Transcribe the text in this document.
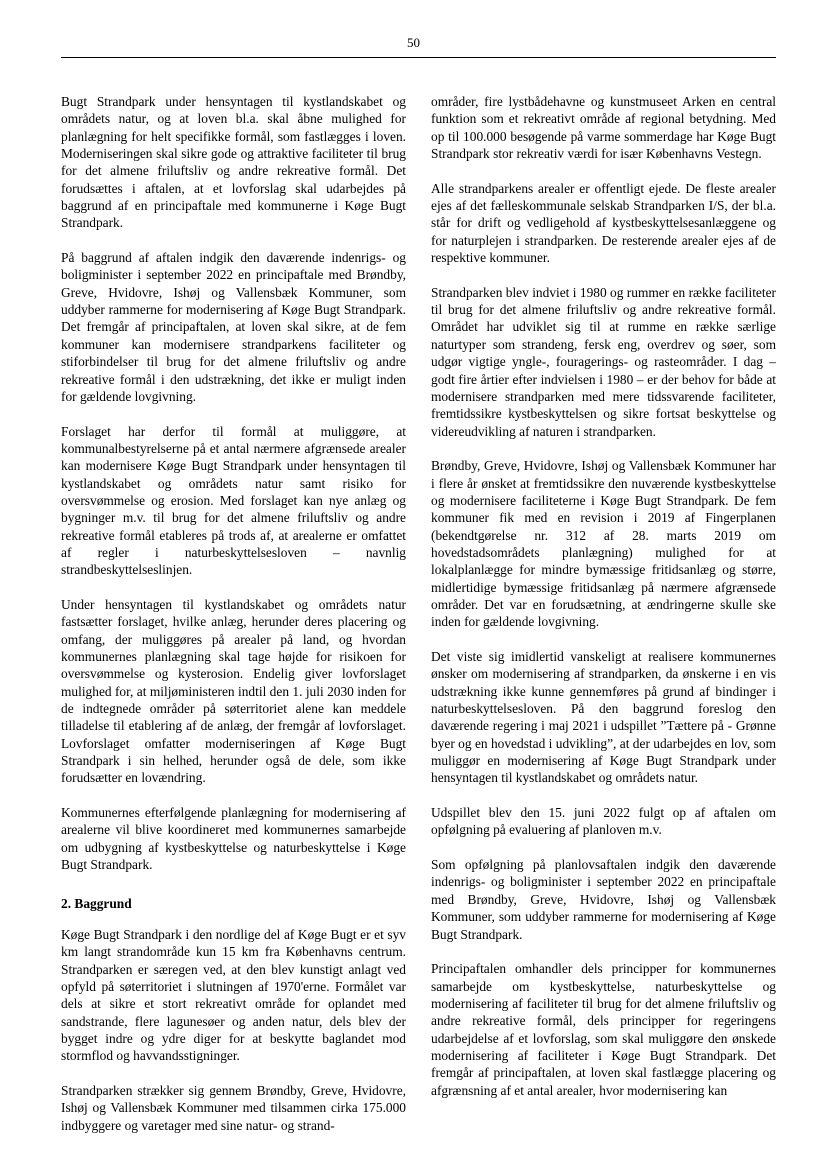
50

Bugt Strandpark under hensyntagen til kystlandskabet og områdets natur, og at loven bl.a. skal åbne mulighed for planlægning for helt specifikke formål, som fastlægges i loven. Moderniseringen skal sikre gode og attraktive faciliteter til brug for det almene friluftsliv og andre rekreative formål. Det forudsættes i aftalen, at et lovforslag skal udarbejdes på baggrund af en principaftale med kommunerne i Køge Bugt Strandpark.

På baggrund af aftalen indgik den daværende indenrigs- og boligminister i september 2022 en principaftale med Brøndby, Greve, Hvidovre, Ishøj og Vallensbæk Kommuner, som uddyber rammerne for modernisering af Køge Bugt Strandpark. Det fremgår af principaftalen, at loven skal sikre, at de fem kommuner kan modernisere strandparkens faciliteter og stiforbindelser til brug for det almene friluftsliv og andre rekreative formål i den udstrækning, det ikke er muligt inden for gældende lovgivning.

Forslaget har derfor til formål at muliggøre, at kommunalbestyrelserne på et antal nærmere afgrænsede arealer kan modernisere Køge Bugt Strandpark under hensyntagen til kystlandskabet og områdets natur samt risiko for oversvømmelse og erosion. Med forslaget kan nye anlæg og bygninger m.v. til brug for det almene friluftsliv og andre rekreative formål etableres på trods af, at arealerne er omfattet af regler i naturbeskyttelsesloven – navnlig strandbeskyttelseslinjen.

Under hensyntagen til kystlandskabet og områdets natur fastsætter forslaget, hvilke anlæg, herunder deres placering og omfang, der muliggøres på arealer på land, og hvordan kommunernes planlægning skal tage højde for risikoen for oversvømmelse og kysterosion. Endelig giver lovforslaget mulighed for, at miljøministeren indtil den 1. juli 2030 inden for de indtegnede områder på søterritoriet alene kan meddele tilladelse til etablering af de anlæg, der fremgår af lovforslaget. Lovforslaget omfatter moderniseringen af Køge Bugt Strandpark i sin helhed, herunder også de dele, som ikke forudsætter en lovændring.

Kommunernes efterfølgende planlægning for modernisering af arealerne vil blive koordineret med kommunernes samarbejde om udbygning af kystbeskyttelse og naturbeskyttelse i Køge Bugt Strandpark.

2. Baggrund

Køge Bugt Strandpark i den nordlige del af Køge Bugt er et syv km langt strandområde kun 15 km fra Københavns centrum. Strandparken er særegen ved, at den blev kunstigt anlagt ved opfyld på søterritoriet i slutningen af 1970'erne. Formålet var dels at sikre et stort rekreativt område for oplandet med sandstrande, flere lagunesøer og anden natur, dels blev der bygget indre og ydre diger for at beskytte baglandet mod stormflod og havvandsstigninger.

Strandparken strækker sig gennem Brøndby, Greve, Hvidovre, Ishøj og Vallensbæk Kommuner med tilsammen cirka 175.000 indbyggere og varetager med sine natur- og strand-

områder, fire lystbådehavne og kunstmuseet Arken en central funktion som et rekreativt område af regional betydning. Med op til 100.000 besøgende på varme sommerdage har Køge Bugt Strandpark stor rekreativ værdi for især Københavns Vestegn.

Alle strandparkens arealer er offentligt ejede. De fleste arealer ejes af det fælleskommunale selskab Strandparken I/S, der bl.a. står for drift og vedligehold af kystbeskyttelsesanlæggene og for naturplejen i strandparken. De resterende arealer ejes af de respektive kommuner.

Strandparken blev indviet i 1980 og rummer en række faciliteter til brug for det almene friluftsliv og andre rekreative formål. Området har udviklet sig til at rumme en række særlige naturtyper som strandeng, fersk eng, overdrev og søer, som udgør vigtige yngle-, fouragerings- og rasteområder. I dag – godt fire årtier efter indvielsen i 1980 – er der behov for både at modernisere strandparken med mere tidssvarende faciliteter, fremtidssikre kystbeskyttelsen og sikre fortsat beskyttelse og videreudvikling af naturen i strandparken.

Brøndby, Greve, Hvidovre, Ishøj og Vallensbæk Kommuner har i flere år ønsket at fremtidssikre den nuværende kystbeskyttelse og modernisere faciliteterne i Køge Bugt Strandpark. De fem kommuner fik med en revision i 2019 af Fingerplanen (bekendtgørelse nr. 312 af 28. marts 2019 om hovedstadsområdets planlægning) mulighed for at lokalplanlægge for mindre bymæssige fritidsanlæg og større, midlertidige bymæssige fritidsanlæg på nærmere afgrænsede områder. Det var en forudsætning, at ændringerne skulle ske inden for gældende lovgivning.

Det viste sig imidlertid vanskeligt at realisere kommunernes ønsker om modernisering af strandparken, da ønskerne i en vis udstrækning ikke kunne gennemføres på grund af bindinger i naturbeskyttelsesloven. På den baggrund foreslog den daværende regering i maj 2021 i udspillet ”Tættere på - Grønne byer og en hovedstad i udvikling”, at der udarbejdes en lov, som muliggør en modernisering af Køge Bugt Strandpark under hensyntagen til kystlandskabet og områdets natur.

Udspillet blev den 15. juni 2022 fulgt op af aftalen om opfølgning på evaluering af planloven m.v.

Som opfølgning på planlovsaftalen indgik den daværende indenrigs- og boligminister i september 2022 en principaftale med Brøndby, Greve, Hvidovre, Ishøj og Vallensbæk Kommuner, som uddyber rammerne for modernisering af Køge Bugt Strandpark.

Principaftalen omhandler dels principper for kommunernes samarbejde om kystbeskyttelse, naturbeskyttelse og modernisering af faciliteter til brug for det almene friluftsliv og andre rekreative formål, dels principper for regeringens udarbejdelse af et lovforslag, som skal muliggøre den ønskede modernisering af faciliteter i Køge Bugt Strandpark. Det fremgår af principaftalen, at loven skal fastlægge placering og afgrænsning af et antal arealer, hvor modernisering kan
